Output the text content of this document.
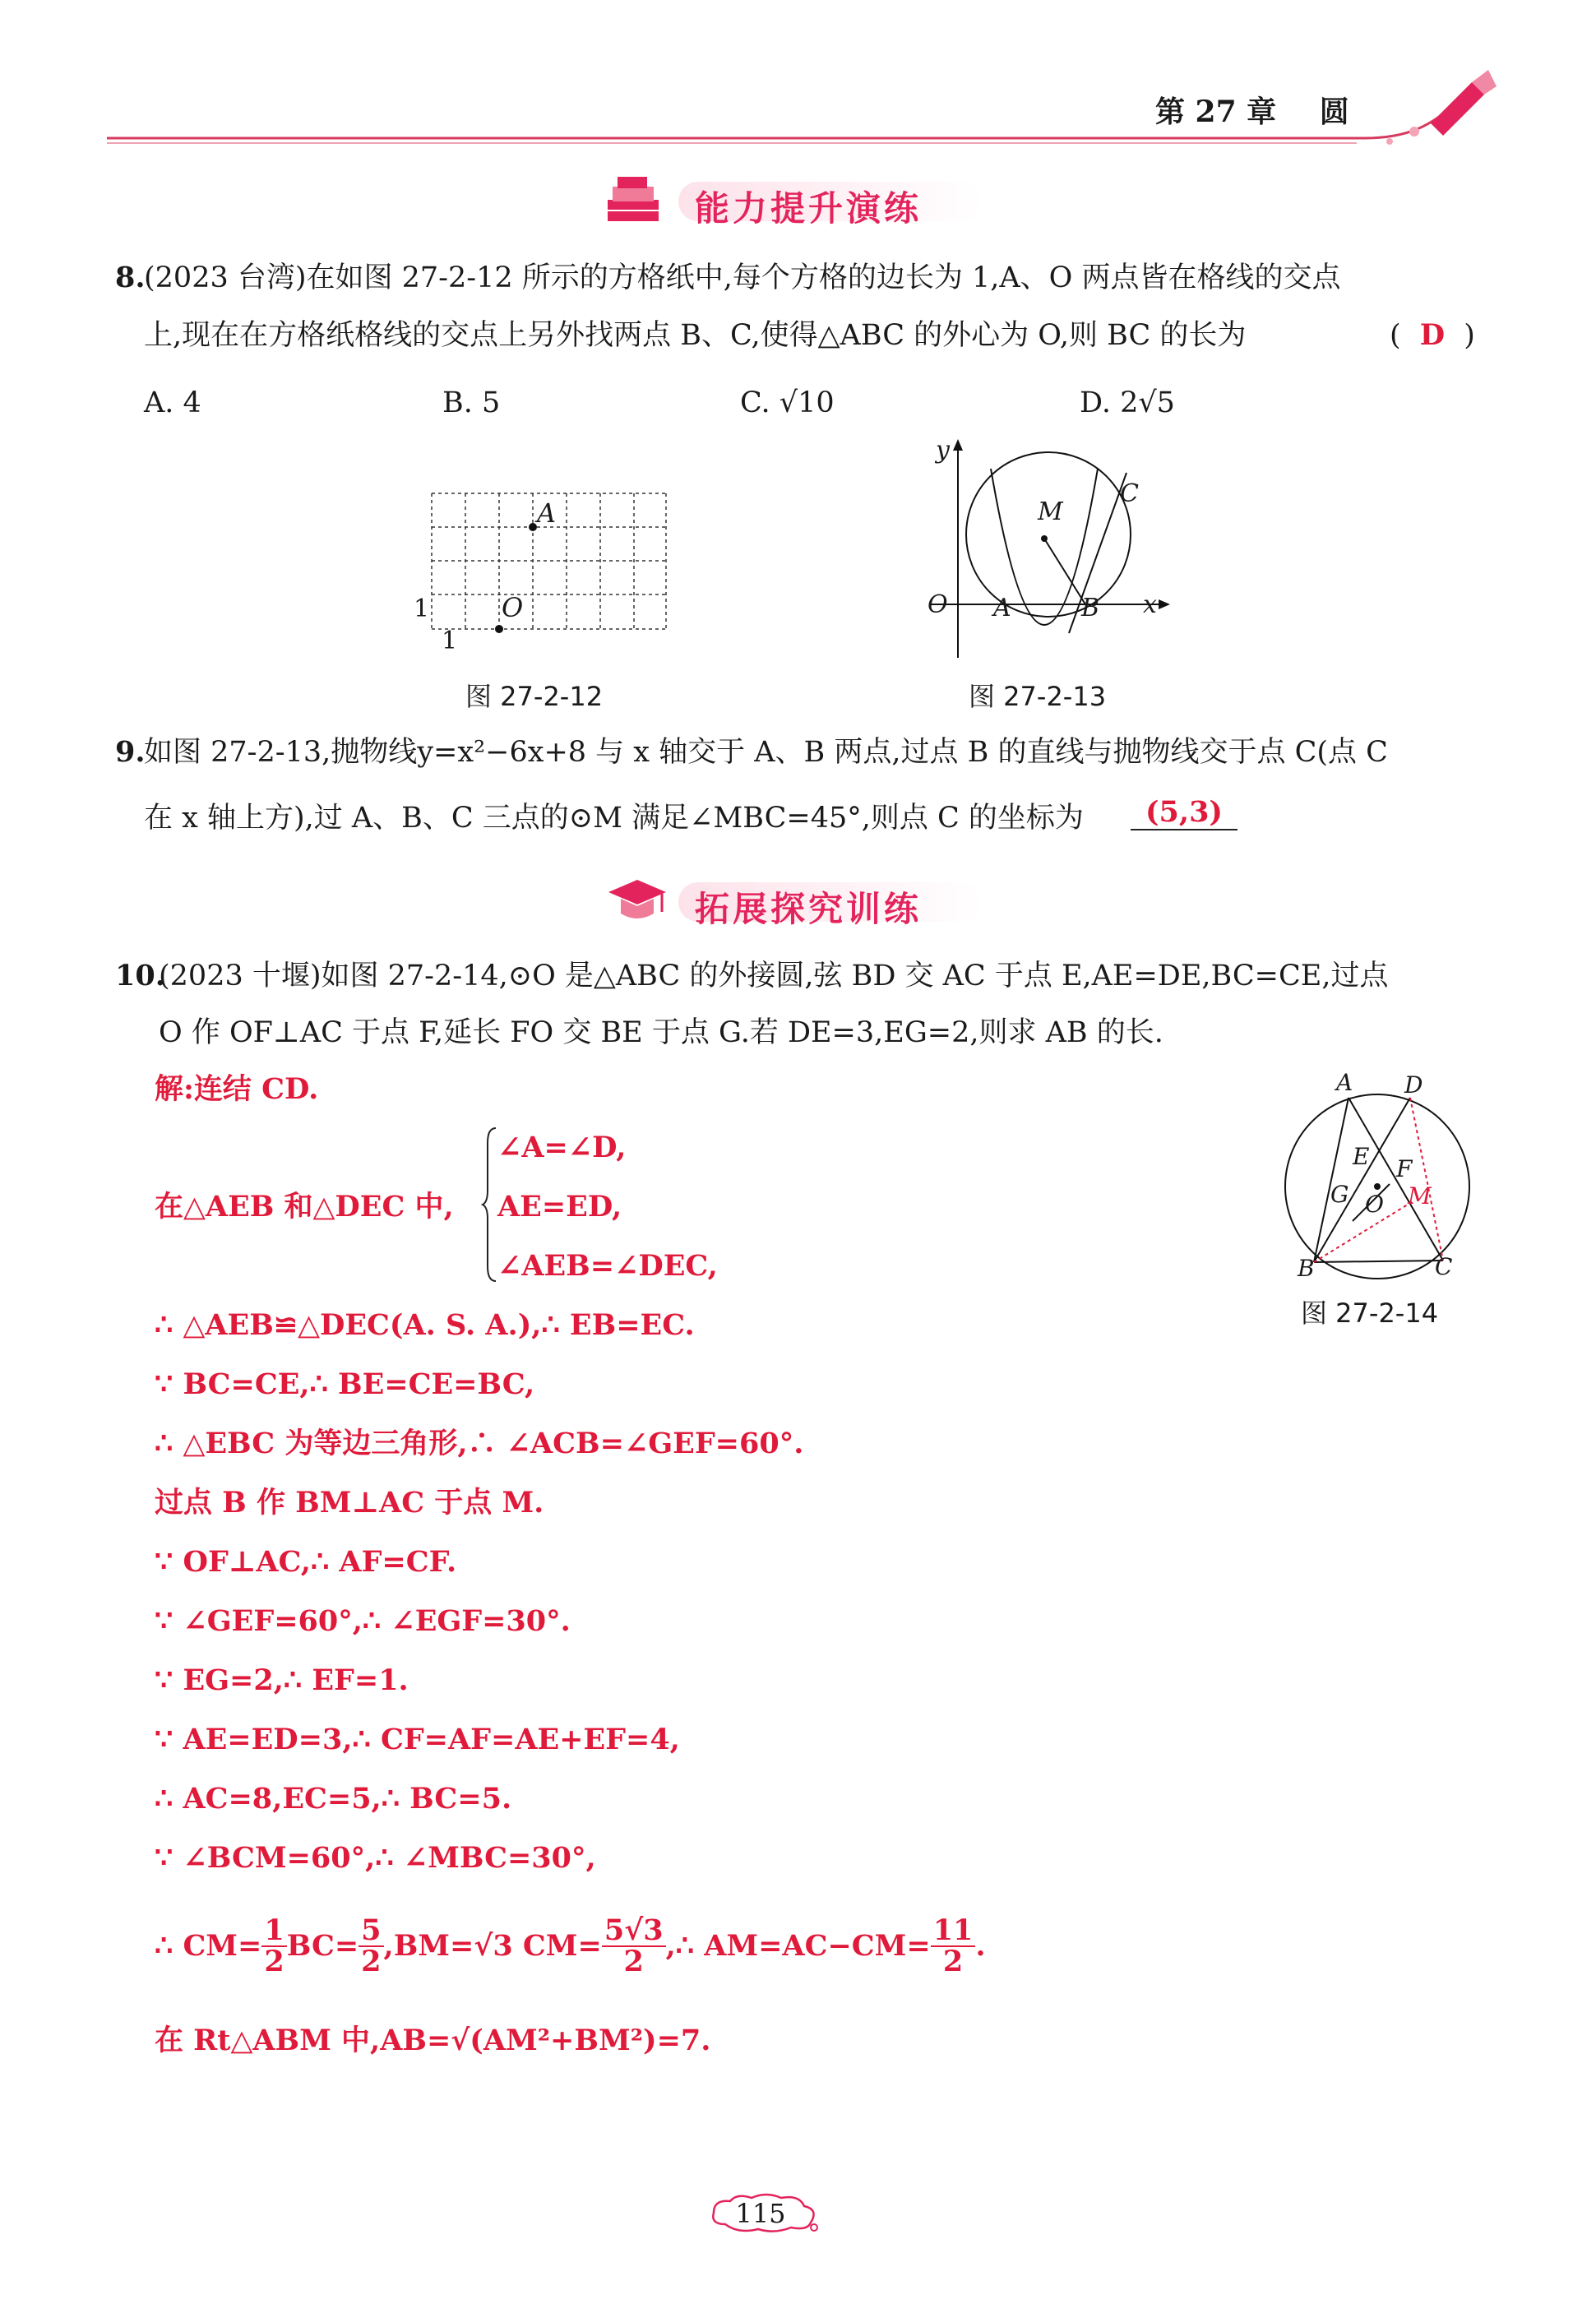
第 27 章 圆
能力提升演练
8.
(2023 台湾)在如图 27-2-12 所示的方格纸中,每个方格的边长为 1,A、O 两点皆在格线的交点
上,现在在方格纸格线的交点上另外找两点 B、C,使得△ABC 的外心为 O,则 BC 的长为	( D )
A. 4	B. 5	C. √10	D. 2√5
A
O
1
1
图 27-2-12
y
x
O A	B
C
M
图 27-2-13
9.
如图 27-2-13,抛物线y=x²−6x+8 与 x 轴交于 A、B 两点,过点 B 的直线与抛物线交于点 C(点 C
在 x 轴上方),过 A、B、C 三点的⊙M 满足∠MBC=45°,则点 C 的坐标为	(5,3)
拓展探究训练
10.
(2023 十堰)如图 27-2-14,⊙O 是△ABC 的外接圆,弦 BD 交 AC 于点 E,AE=DE,BC=CE,过点
O 作 OF⊥AC 于点 F,延长 FO 交 BE 于点 G.若 DE=3,EG=2,则求 AB 的长.
A D
E F
G O M
B	C
图 27-2-14
解:连结 CD.
在△AEB 和△DEC 中,
∠A=∠D,
AE=ED,
∠AEB=∠DEC,
∴ △AEB≌△DEC(A. S. A.),∴ EB=EC.
∵ BC=CE,∴ BE=CE=BC,
∴ △EBC 为等边三角形,∴ ∠ACB=∠GEF=60°.
过点 B 作 BM⊥AC 于点 M.
∵ OF⊥AC,∴ AF=CF.
∵ ∠GEF=60°,∴ ∠EGF=30°.
∵ EG=2,∴ EF=1.
∵ AE=ED=3,∴ CF=AF=AE+EF=4,
∴ AC=8,EC=5,∴ BC=5.
∵ ∠BCM=60°,∴ ∠MBC=30°,
∴ $CM= \frac{1}{2} BC= \frac{5}{2} ,BM=√3$ $CM= \frac{5√3}{2}$ ,∴ $AM=AC-CM= \frac{11}{2}$ .
在 Rt△ABM 中,AB=√(AM²+BM²)=7.
115
